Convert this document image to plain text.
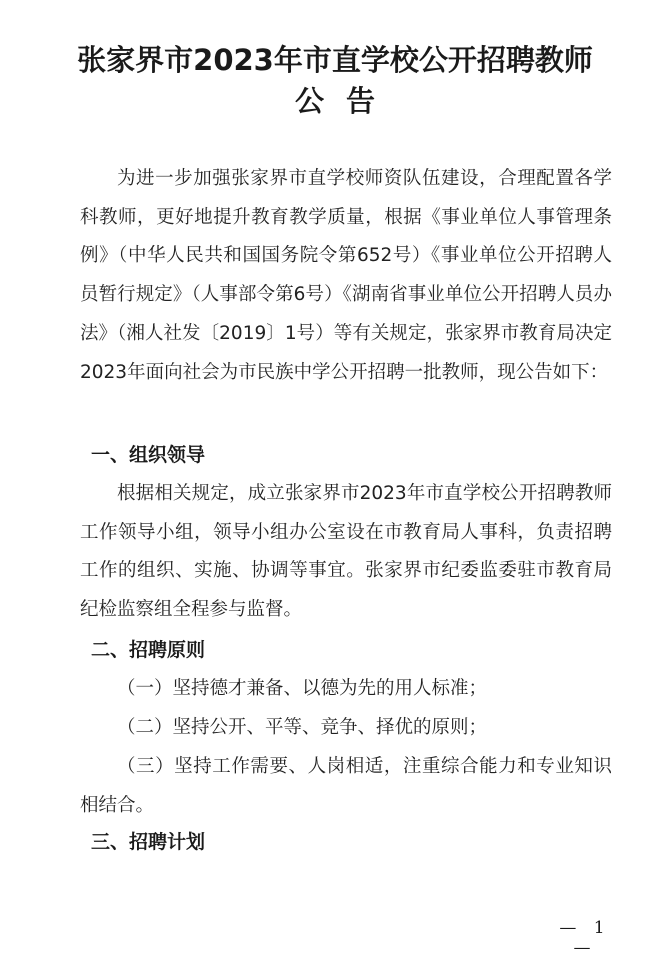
张家界市2023年市直学校公开招聘教师
公告

为进一步加强张家界市直学校师资队伍建设，合理配置各学科教师，更好地提升教育教学质量，根据《事业单位人事管理条例》（中华人民共和国国务院令第652号）《事业单位公开招聘人员暂行规定》（人事部令第6号）《湖南省事业单位公开招聘人员办法》（湘人社发〔2019〕1号）等有关规定，张家界市教育局决定2023年面向社会为市民族中学公开招聘一批教师，现公告如下：

一、组织领导

根据相关规定，成立张家界市2023年市直学校公开招聘教师工作领导小组，领导小组办公室设在市教育局人事科，负责招聘工作的组织、实施、协调等事宜。张家界市纪委监委驻市教育局纪检监察组全程参与监督。

二、招聘原则

（一）坚持德才兼备、以德为先的用人标准；

（二）坚持公开、平等、竞争、择优的原则；

（三）坚持工作需要、人岗相适，注重综合能力和专业知识相结合。

三、招聘计划
— 1 —
